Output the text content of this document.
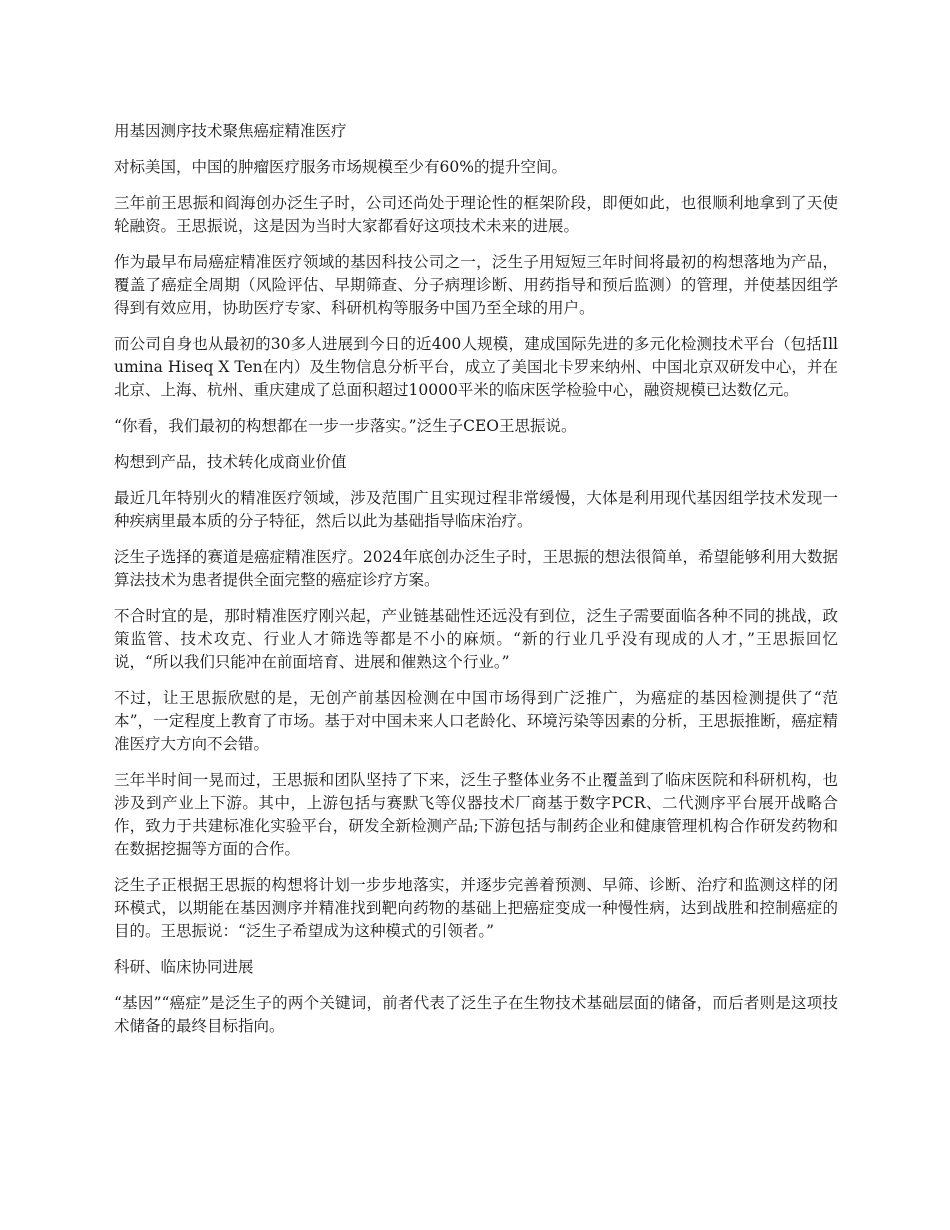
用基因测序技术聚焦癌症精准医疗

对标美国，中国的肿瘤医疗服务市场规模至少有60%的提升空间。

三年前王思振和阎海创办泛生子时，公司还尚处于理论性的框架阶段，即便如此，也很顺利地拿到了天使轮融资。王思振说，这是因为当时大家都看好这项技术未来的进展。

作为最早布局癌症精准医疗领域的基因科技公司之一，泛生子用短短三年时间将最初的构想落地为产品，覆盖了癌症全周期（风险评估、早期筛查、分子病理诊断、用药指导和预后监测）的管理，并使基因组学得到有效应用，协助医疗专家、科研机构等服务中国乃至全球的用户。

而公司自身也从最初的30多人进展到今日的近400人规模，建成国际先进的多元化检测技术平台（包括Illumina Hiseq X Ten在内）及生物信息分析平台，成立了美国北卡罗来纳州、中国北京双研发中心，并在北京、上海、杭州、重庆建成了总面积超过10000平米的临床医学检验中心，融资规模已达数亿元。

“你看，我们最初的构想都在一步一步落实。”泛生子CEO王思振说。

构想到产品，技术转化成商业价值

最近几年特别火的精准医疗领域，涉及范围广且实现过程非常缓慢，大体是利用现代基因组学技术发现一种疾病里最本质的分子特征，然后以此为基础指导临床治疗。

泛生子选择的赛道是癌症精准医疗。2024年底创办泛生子时，王思振的想法很简单，希望能够利用大数据算法技术为患者提供全面完整的癌症诊疗方案。

不合时宜的是，那时精准医疗刚兴起，产业链基础性还远没有到位，泛生子需要面临各种不同的挑战，政策监管、技术攻克、行业人才筛选等都是不小的麻烦。“新的行业几乎没有现成的人才，”王思振回忆说，“所以我们只能冲在前面培育、进展和催熟这个行业。”

不过，让王思振欣慰的是，无创产前基因检测在中国市场得到广泛推广，为癌症的基因检测提供了“范本”，一定程度上教育了市场。基于对中国未来人口老龄化、环境污染等因素的分析，王思振推断，癌症精准医疗大方向不会错。

三年半时间一晃而过，王思振和团队坚持了下来，泛生子整体业务不止覆盖到了临床医院和科研机构，也涉及到产业上下游。其中，上游包括与赛默飞等仪器技术厂商基于数字PCR、二代测序平台展开战略合作，致力于共建标准化实验平台，研发全新检测产品;下游包括与制药企业和健康管理机构合作研发药物和在数据挖掘等方面的合作。

泛生子正根据王思振的构想将计划一步步地落实，并逐步完善着预测、早筛、诊断、治疗和监测这样的闭环模式，以期能在基因测序并精准找到靶向药物的基础上把癌症变成一种慢性病，达到战胜和控制癌症的目的。王思振说：“泛生子希望成为这种模式的引领者。”

科研、临床协同进展

“基因”“癌症”是泛生子的两个关键词，前者代表了泛生子在生物技术基础层面的储备，而后者则是这项技术储备的最终目标指向。
